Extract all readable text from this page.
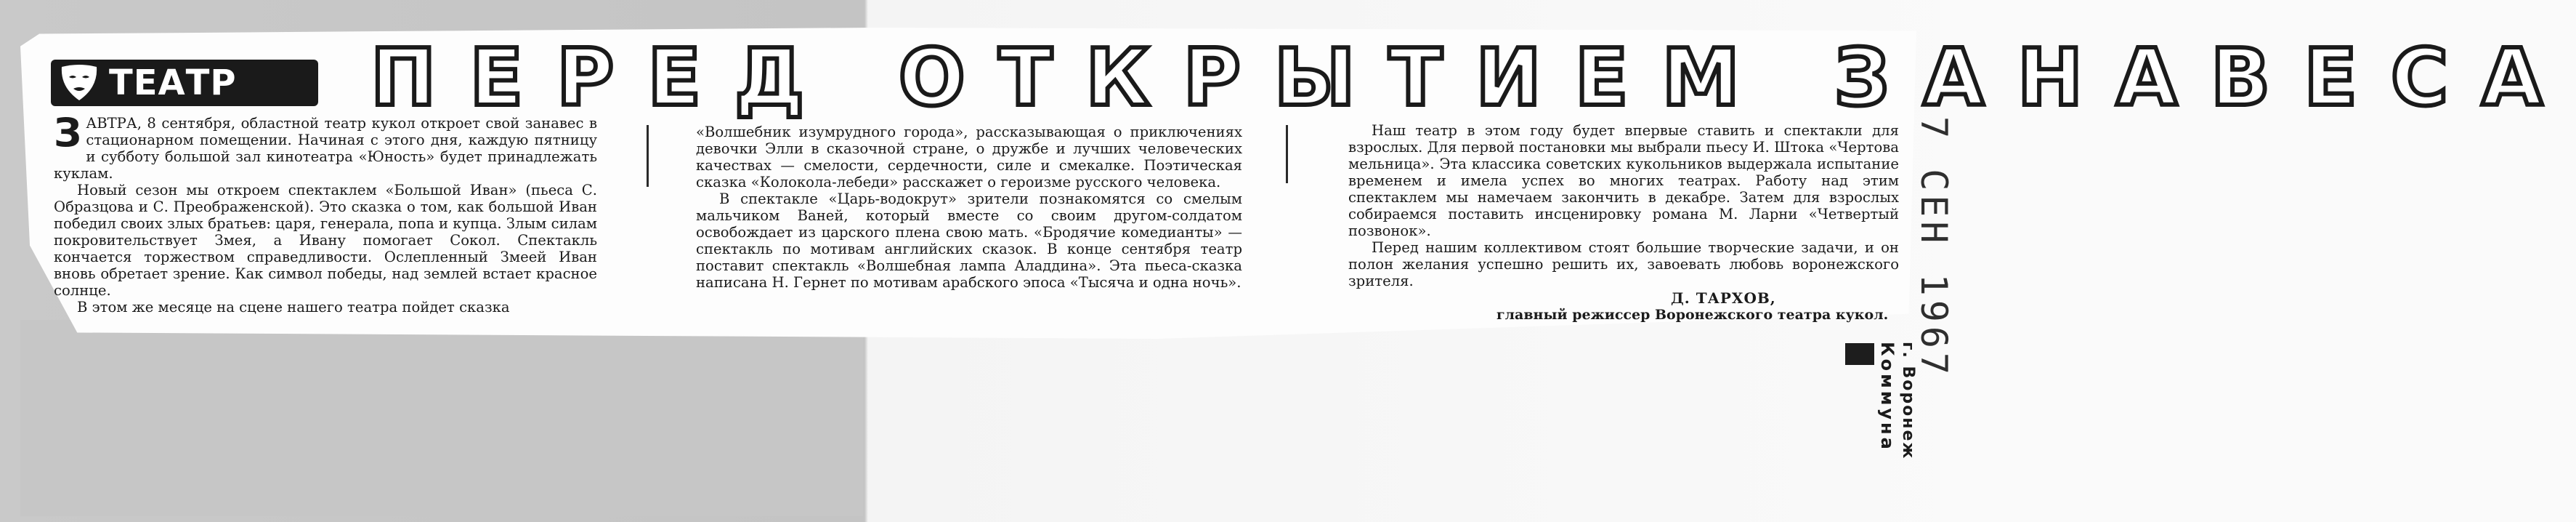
ТЕАТР ПЕРЕД ОТКРЫТИЕМ ЗАНАВЕСА

ЗАВТРА, 8 сентября, областной театр кукол откроет свой занавес в стационарном помещении. Начиная с этого дня, каждую пятницу и субботу большой зал кинотеатра «Юность» будет принадлежать куклам.

Новый сезон мы откроем спектаклем «Большой Иван» (пьеса С. Образцова и С. Преображенской). Это сказка о том, как большой Иван победил своих злых братьев: царя, генерала, попа и купца. Злым силам покровительствует Змея, а Ивану помогает Сокол. Спектакль кончается торжеством справедливости. Ослепленный Змеей Иван вновь обретает зрение. Как символ победы, над землей встает красное солнце.

В этом же месяце на сцене нашего театра пойдет сказка

«Волшебник изумрудного города», рассказывающая о приключениях девочки Элли в сказочной стране, о дружбе и лучших человеческих качествах — смелости, сердечности, силе и смекалке. Поэтическая сказка «Колокола-лебеди» расскажет о героизме русского человека.

В спектакле «Царь-водокрут» зрители познакомятся со смелым мальчиком Ваней, который вместе со своим другом-солдатом освобождает из царского плена свою мать. «Бродячие комедианты» — спектакль по мотивам английских сказок. В конце сентября театр поставит спектакль «Волшебная лампа Аладдина». Эта пьеса-сказка написана Н. Гернет по мотивам арабского эпоса «Тысяча и одна ночь».

Наш театр в этом году будет впервые ставить и спектакли для взрослых. Для первой постановки мы выбрали пьесу И. Штока «Чертова мельница». Эта классика советских кукольников выдержала испытание временем и имела успех во многих театрах. Работу над этим спектаклем мы намечаем закончить в декабре. Затем для взрослых собираемся поставить инсценировку романа М. Ларни «Четвертый позвонок».

Перед нашим коллективом стоят большие творческие задачи, и он полон желания успешно решить их, завоевать любовь воронежского зрителя.

Д. ТАРХОВ,
главный режиссер Воронежского театра кукол. 7 СЕН 1967
Коммуна г. Воронеж
